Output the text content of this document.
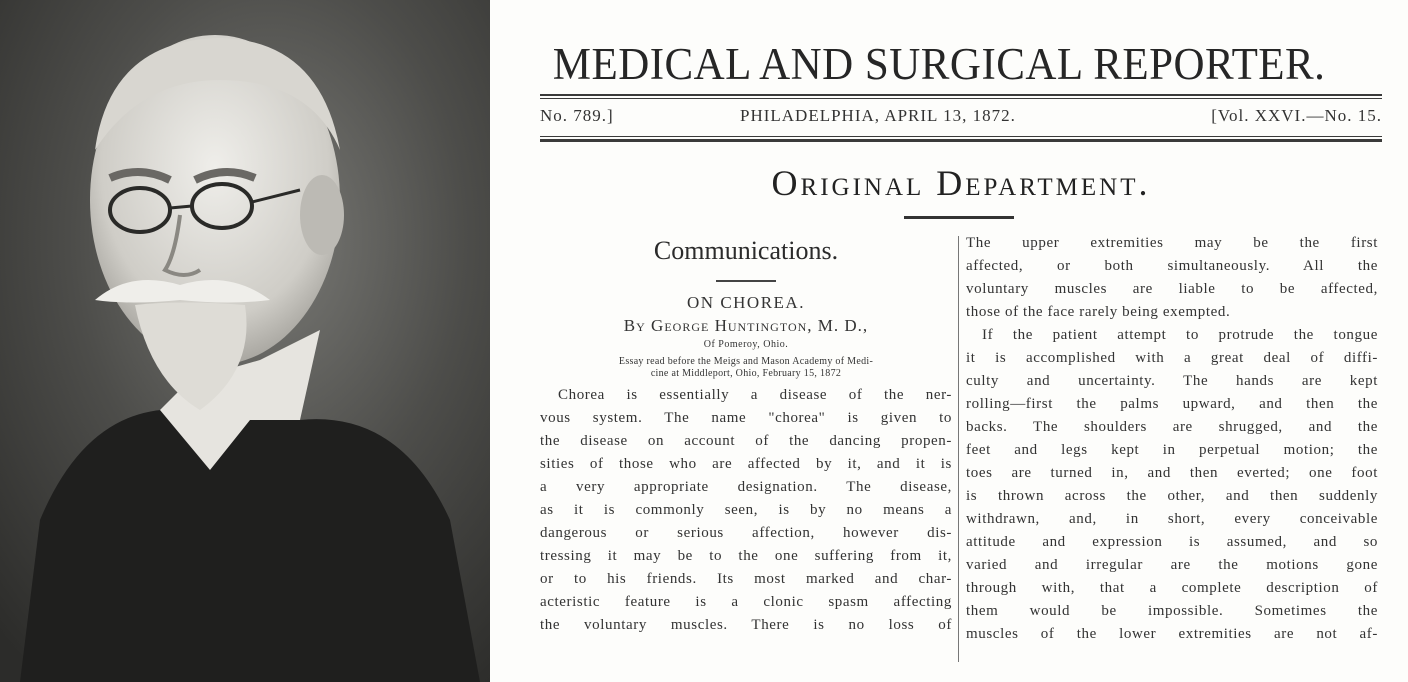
MEDICAL AND SURGICAL REPORTER.
No. 789.]	PHILADELPHIA, APRIL 13, 1872.	[Vol. XXVI.—No. 15.
Original Department.
Communications.
ON CHOREA.
By George Huntington, M. D.,
Of Pomeroy, Ohio.
Essay read before the Meigs and Mason Academy of Medi-
cine at Middleport, Ohio, February 15, 1872
Chorea is essentially a disease of the ner-
vous system. The name "chorea" is given to
the disease on account of the dancing propen-
sities of those who are affected by it, and it is
a very appropriate designation. The disease,
as it is commonly seen, is by no means a
dangerous or serious affection, however dis-
tressing it may be to the one suffering from it,
or to his friends. Its most marked and char-
acteristic feature is a clonic spasm affecting
the voluntary muscles. There is no loss of
The upper extremities may be the first
affected, or both simultaneously. All the
voluntary muscles are liable to be affected,
those of the face rarely being exempted.
If the patient attempt to protrude the tongue
it is accomplished with a great deal of diffi-
culty and uncertainty. The hands are kept
rolling—first the palms upward, and then the
backs. The shoulders are shrugged, and the
feet and legs kept in perpetual motion; the
toes are turned in, and then everted; one foot
is thrown across the other, and then suddenly
withdrawn, and, in short, every conceivable
attitude and expression is assumed, and so
varied and irregular are the motions gone
through with, that a complete description of
them would be impossible. Sometimes the
muscles of the lower extremities are not af-
